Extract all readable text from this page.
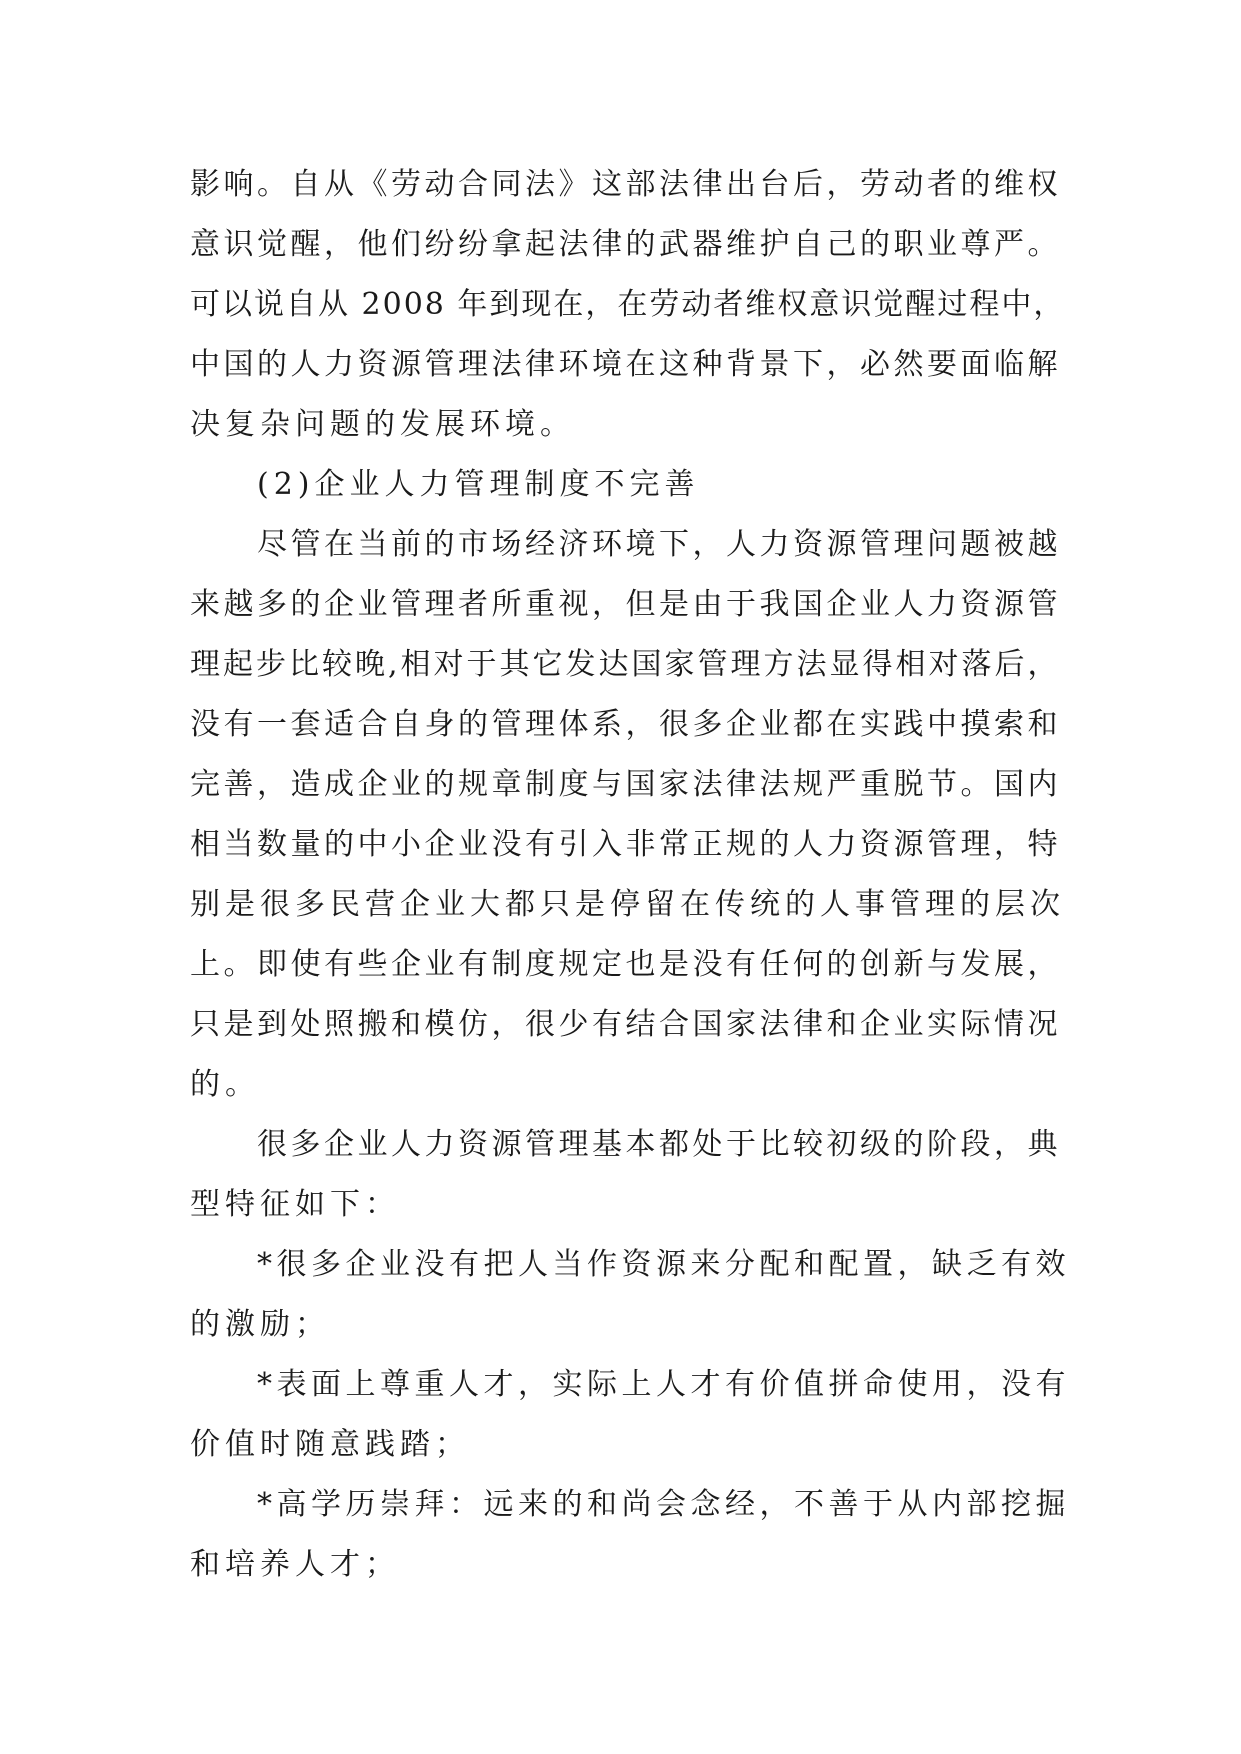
影响。自从《劳动合同法》这部法律出台后，劳动者的维权
意识觉醒，他们纷纷拿起法律的武器维护自己的职业尊严。
可以说自从 2008 年到现在，在劳动者维权意识觉醒过程中，
中国的人力资源管理法律环境在这种背景下，必然要面临解
决复杂问题的发展环境。
(2)企业人力管理制度不完善
尽管在当前的市场经济环境下，人力资源管理问题被越
来越多的企业管理者所重视，但是由于我国企业人力资源管
理起步比较晚,相对于其它发达国家管理方法显得相对落后，
没有一套适合自身的管理体系，很多企业都在实践中摸索和
完善，造成企业的规章制度与国家法律法规严重脱节。国内
相当数量的中小企业没有引入非常正规的人力资源管理，特
别是很多民营企业大都只是停留在传统的人事管理的层次
上。即使有些企业有制度规定也是没有任何的创新与发展，
只是到处照搬和模仿，很少有结合国家法律和企业实际情况
的。
很多企业人力资源管理基本都处于比较初级的阶段，典
型特征如下：
*很多企业没有把人当作资源来分配和配置，缺乏有效
的激励；
*表面上尊重人才，实际上人才有价值拼命使用，没有
价值时随意践踏；
*高学历崇拜：远来的和尚会念经，不善于从内部挖掘
和培养人才；
